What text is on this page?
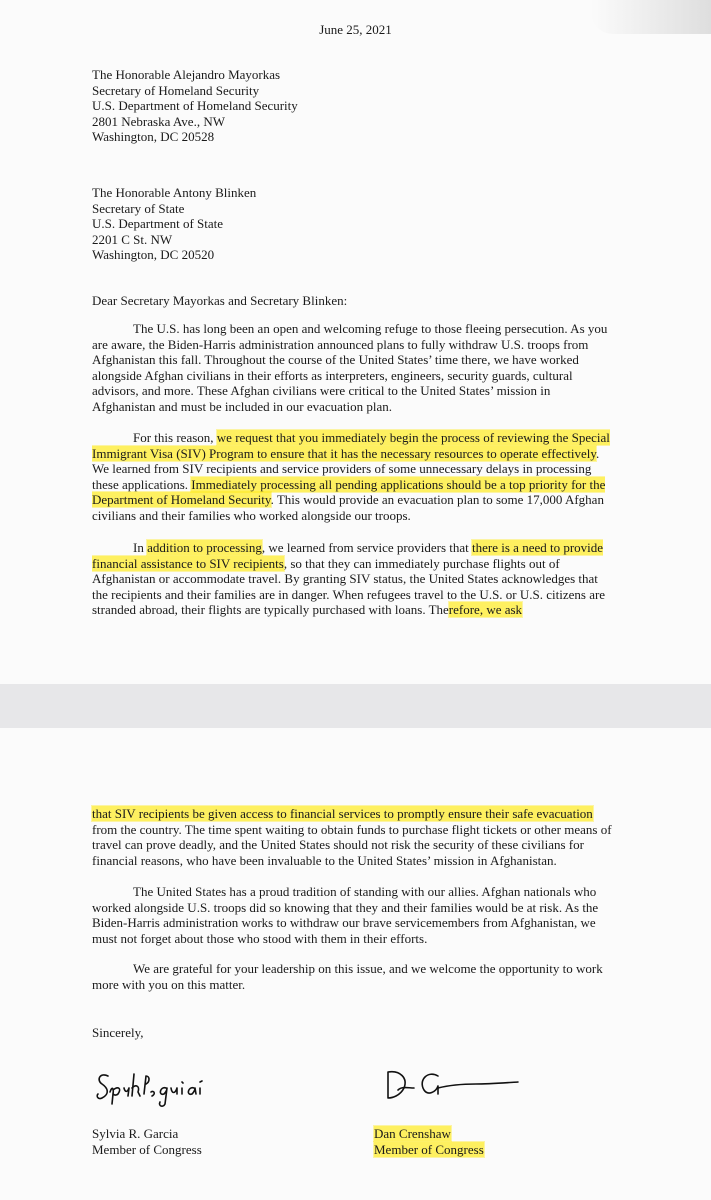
June 25, 2021
The Honorable Alejandro Mayorkas
Secretary of Homeland Security
U.S. Department of Homeland Security
2801 Nebraska Ave., NW
Washington, DC 20528
The Honorable Antony Blinken
Secretary of State
U.S. Department of State
2201 C St. NW
Washington, DC 20520
Dear Secretary Mayorkas and Secretary Blinken:

The U.S. has long been an open and welcoming refuge to those fleeing persecution. As you are aware, the Biden-Harris administration announced plans to fully withdraw U.S. troops from Afghanistan this fall. Throughout the course of the United States’ time there, we have worked alongside Afghan civilians in their efforts as interpreters, engineers, security guards, cultural advisors, and more. These Afghan civilians were critical to the United States’ mission in Afghanistan and must be included in our evacuation plan.

For this reason, we request that you immediately begin the process of reviewing the Special Immigrant Visa (SIV) Program to ensure that it has the necessary resources to operate effectively. We learned from SIV recipients and service providers of some unnecessary delays in processing these applications. Immediately processing all pending applications should be a top priority for the Department of Homeland Security. This would provide an evacuation plan to some 17,000 Afghan civilians and their families who worked alongside our troops.

In addition to processing, we learned from service providers that there is a need to provide financial assistance to SIV recipients, so that they can immediately purchase flights out of Afghanistan or accommodate travel. By granting SIV status, the United States acknowledges that the recipients and their families are in danger. When refugees travel to the U.S. or U.S. citizens are stranded abroad, their flights are typically purchased with loans. Therefore, we ask

that SIV recipients be given access to financial services to promptly ensure their safe evacuation from the country. The time spent waiting to obtain funds to purchase flight tickets or other means of travel can prove deadly, and the United States should not risk the security of these civilians for financial reasons, who have been invaluable to the United States’ mission in Afghanistan.

The United States has a proud tradition of standing with our allies. Afghan nationals who worked alongside U.S. troops did so knowing that they and their families would be at risk. As the Biden-Harris administration works to withdraw our brave servicemembers from Afghanistan, we must not forget about those who stood with them in their efforts.

We are grateful for your leadership on this issue, and we welcome the opportunity to work more with you on this matter.

Sincerely,
Sylvia R. Garcia
Member of Congress
Dan Crenshaw
Member of Congress
